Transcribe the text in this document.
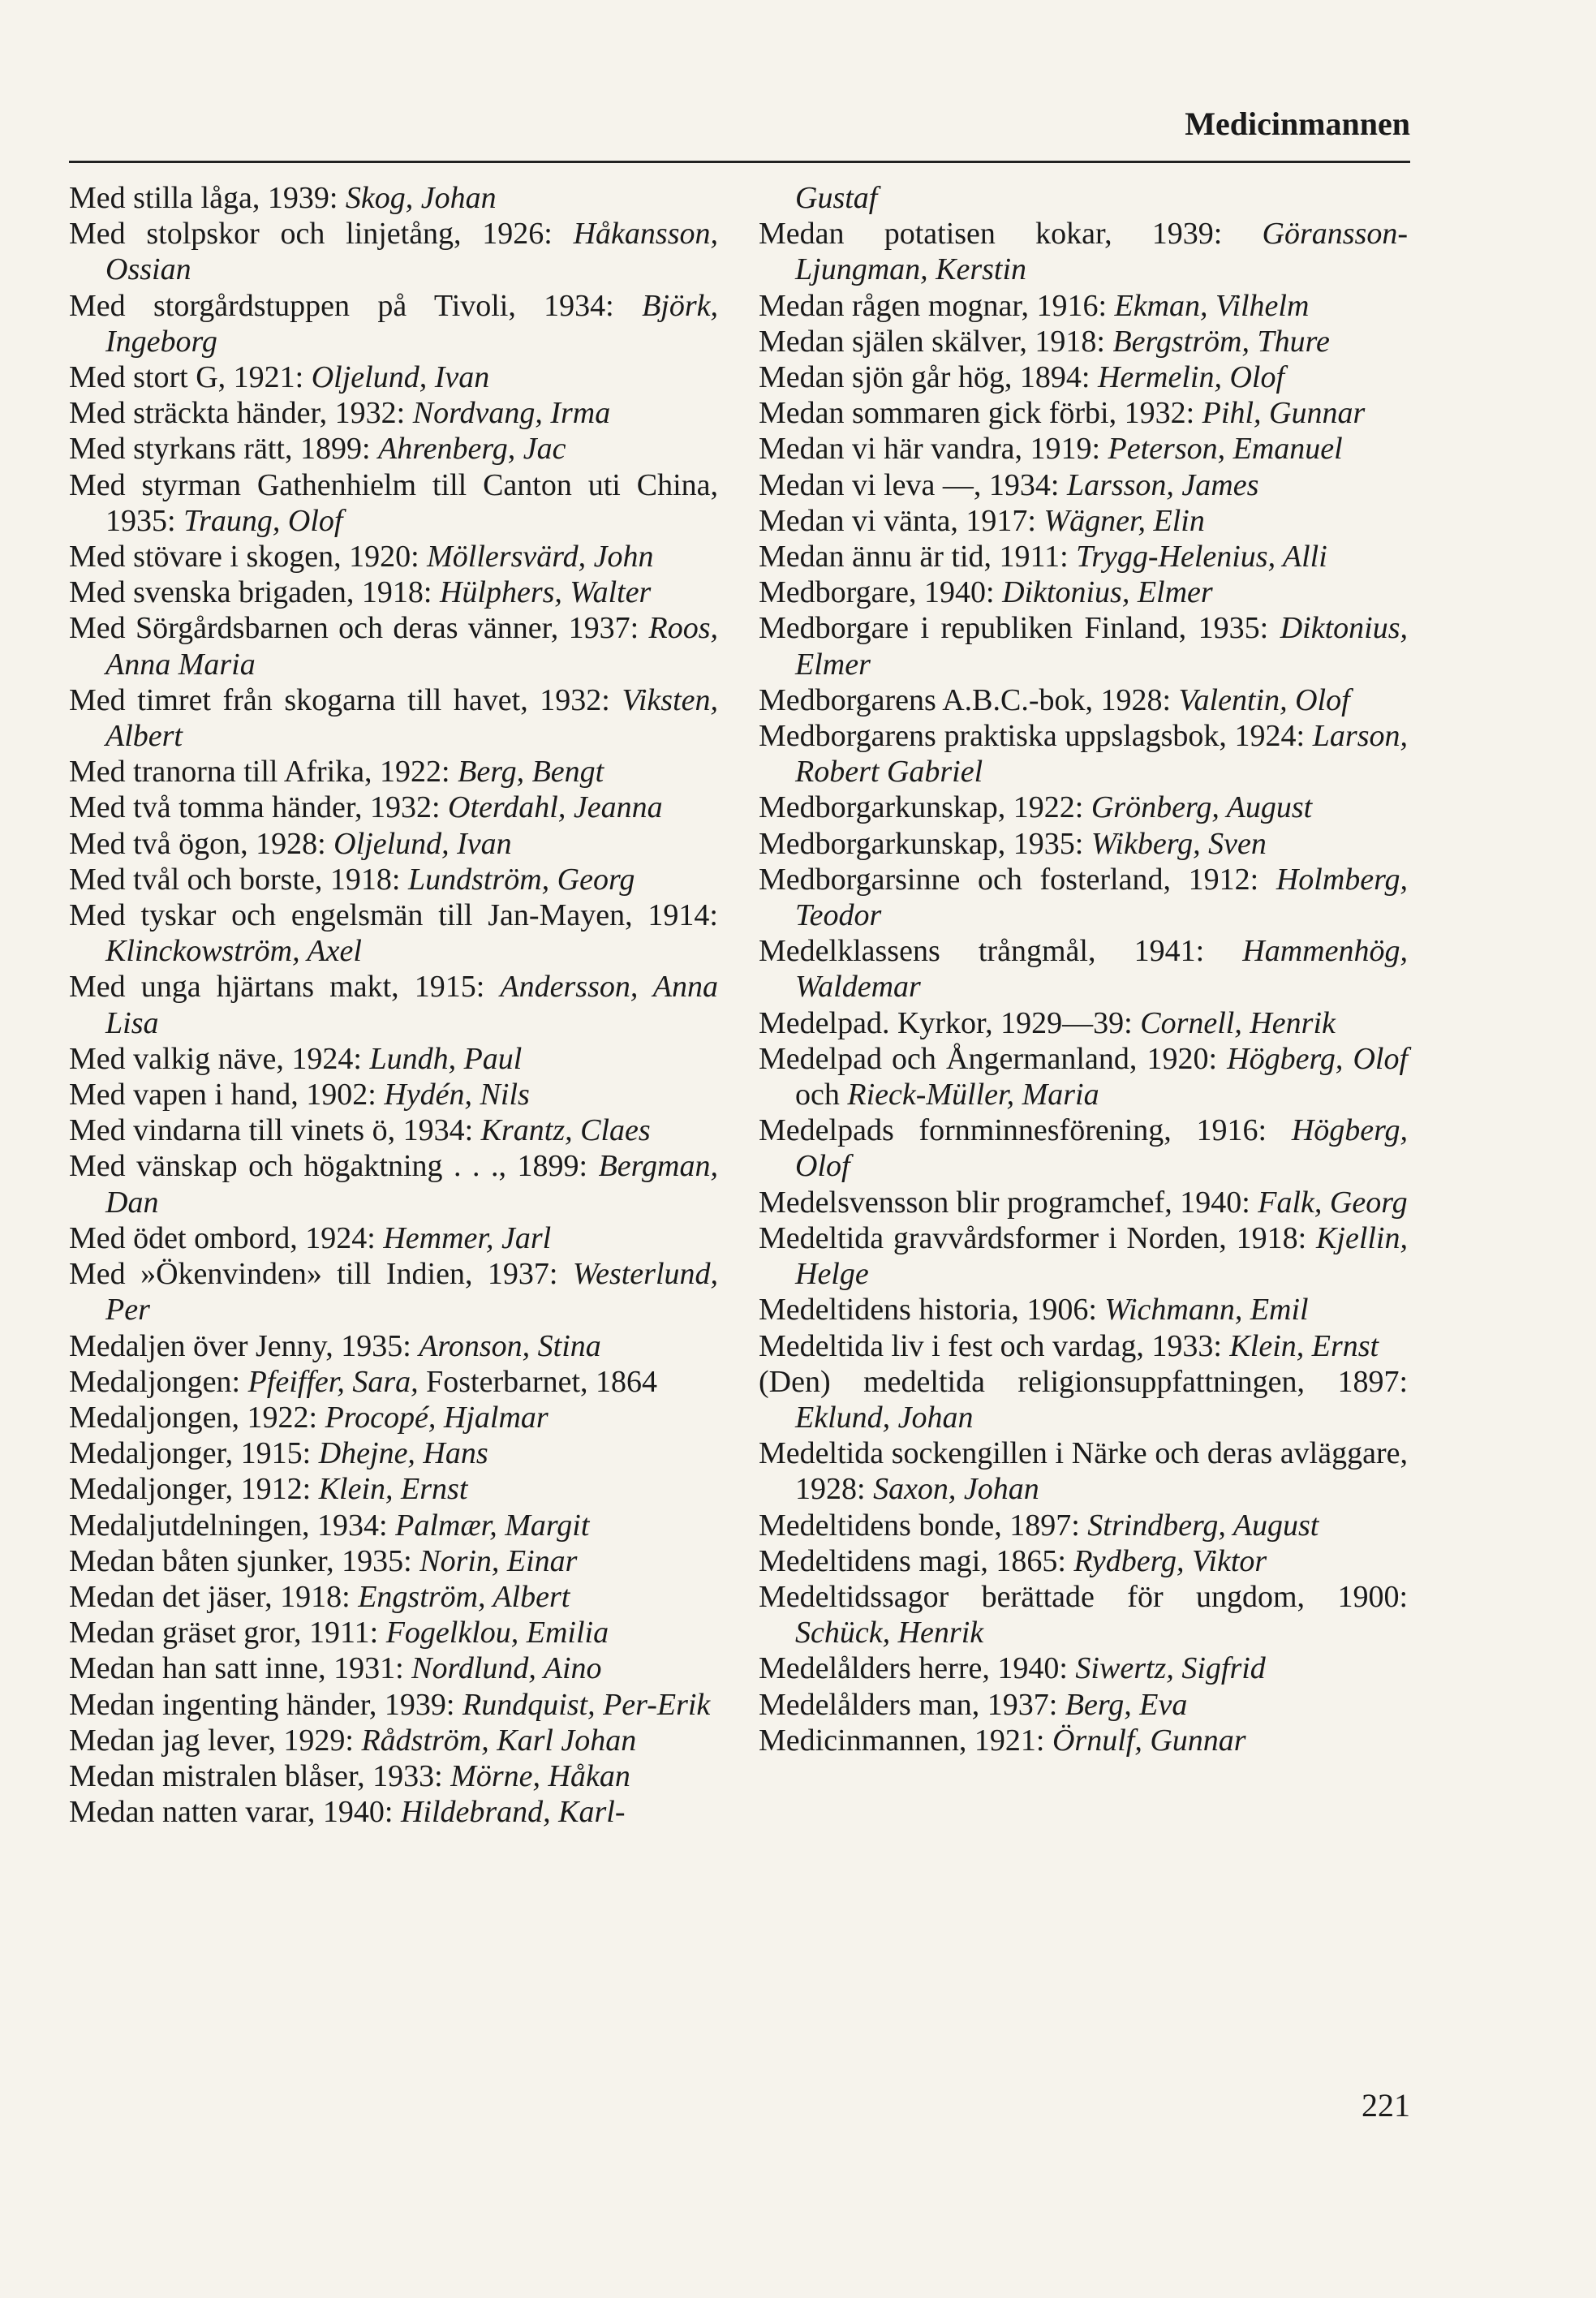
Medicinmannen
Med stilla låga, 1939: Skog, Johan
Med stolpskor och linjetång, 1926: Håkansson, Ossian
Med storgårdstuppen på Tivoli, 1934: Björk, Ingeborg
Med stort G, 1921: Oljelund, Ivan
Med sträckta händer, 1932: Nordvang, Irma
Med styrkans rätt, 1899: Ahrenberg, Jac
Med styrman Gathenhielm till Canton uti China, 1935: Traung, Olof
Med stövare i skogen, 1920: Möllersvärd, John
Med svenska brigaden, 1918: Hülphers, Walter
Med Sörgårdsbarnen och deras vänner, 1937: Roos, Anna Maria
Med timret från skogarna till havet, 1932: Viksten, Albert
Med tranorna till Afrika, 1922: Berg, Bengt
Med två tomma händer, 1932: Oterdahl, Jeanna
Med två ögon, 1928: Oljelund, Ivan
Med tvål och borste, 1918: Lundström, Georg
Med tyskar och engelsmän till Jan-Mayen, 1914: Klinckowström, Axel
Med unga hjärtans makt, 1915: Andersson, Anna Lisa
Med valkig näve, 1924: Lundh, Paul
Med vapen i hand, 1902: Hydén, Nils
Med vindarna till vinets ö, 1934: Krantz, Claes
Med vänskap och högaktning . . ., 1899: Bergman, Dan
Med ödet ombord, 1924: Hemmer, Jarl
Med »Ökenvinden» till Indien, 1937: Westerlund, Per
Medaljen över Jenny, 1935: Aronson, Stina
Medaljongen: Pfeiffer, Sara, Fosterbarnet, 1864
Medaljongen, 1922: Procopé, Hjalmar
Medaljonger, 1915: Dhejne, Hans
Medaljonger, 1912: Klein, Ernst
Medaljutdelningen, 1934: Palmær, Margit
Medan båten sjunker, 1935: Norin, Einar
Medan det jäser, 1918: Engström, Albert
Medan gräset gror, 1911: Fogelklou, Emilia
Medan han satt inne, 1931: Nordlund, Aino
Medan ingenting händer, 1939: Rundquist, Per-Erik
Medan jag lever, 1929: Rådström, Karl Johan
Medan mistralen blåser, 1933: Mörne, Håkan
Medan natten varar, 1940: Hildebrand, Karl-
Gustaf
Medan potatisen kokar, 1939: Göransson-Ljungman, Kerstin
Medan rågen mognar, 1916: Ekman, Vilhelm
Medan själen skälver, 1918: Bergström, Thure
Medan sjön går hög, 1894: Hermelin, Olof
Medan sommaren gick förbi, 1932: Pihl, Gunnar
Medan vi här vandra, 1919: Peterson, Emanuel
Medan vi leva —, 1934: Larsson, James
Medan vi vänta, 1917: Wägner, Elin
Medan ännu är tid, 1911: Trygg-Helenius, Alli
Medborgare, 1940: Diktonius, Elmer
Medborgare i republiken Finland, 1935: Diktonius, Elmer
Medborgarens A.B.C.-bok, 1928: Valentin, Olof
Medborgarens praktiska uppslagsbok, 1924: Larson, Robert Gabriel
Medborgarkunskap, 1922: Grönberg, August
Medborgarkunskap, 1935: Wikberg, Sven
Medborgarsinne och fosterland, 1912: Holmberg, Teodor
Medelklassens trångmål, 1941: Hammenhög, Waldemar
Medelpad. Kyrkor, 1929—39: Cornell, Henrik
Medelpad och Ångermanland, 1920: Högberg, Olof och Rieck-Müller, Maria
Medelpads fornminnesförening, 1916: Högberg, Olof
Medelsvensson blir programchef, 1940: Falk, Georg
Medeltida gravvårdsformer i Norden, 1918: Kjellin, Helge
Medeltidens historia, 1906: Wichmann, Emil
Medeltida liv i fest och vardag, 1933: Klein, Ernst
(Den) medeltida religionsuppfattningen, 1897: Eklund, Johan
Medeltida sockengillen i Närke och deras avläggare, 1928: Saxon, Johan
Medeltidens bonde, 1897: Strindberg, August
Medeltidens magi, 1865: Rydberg, Viktor
Medeltidssagor berättade för ungdom, 1900: Schück, Henrik
Medelålders herre, 1940: Siwertz, Sigfrid
Medelålders man, 1937: Berg, Eva
Medicinmannen, 1921: Örnulf, Gunnar
221
